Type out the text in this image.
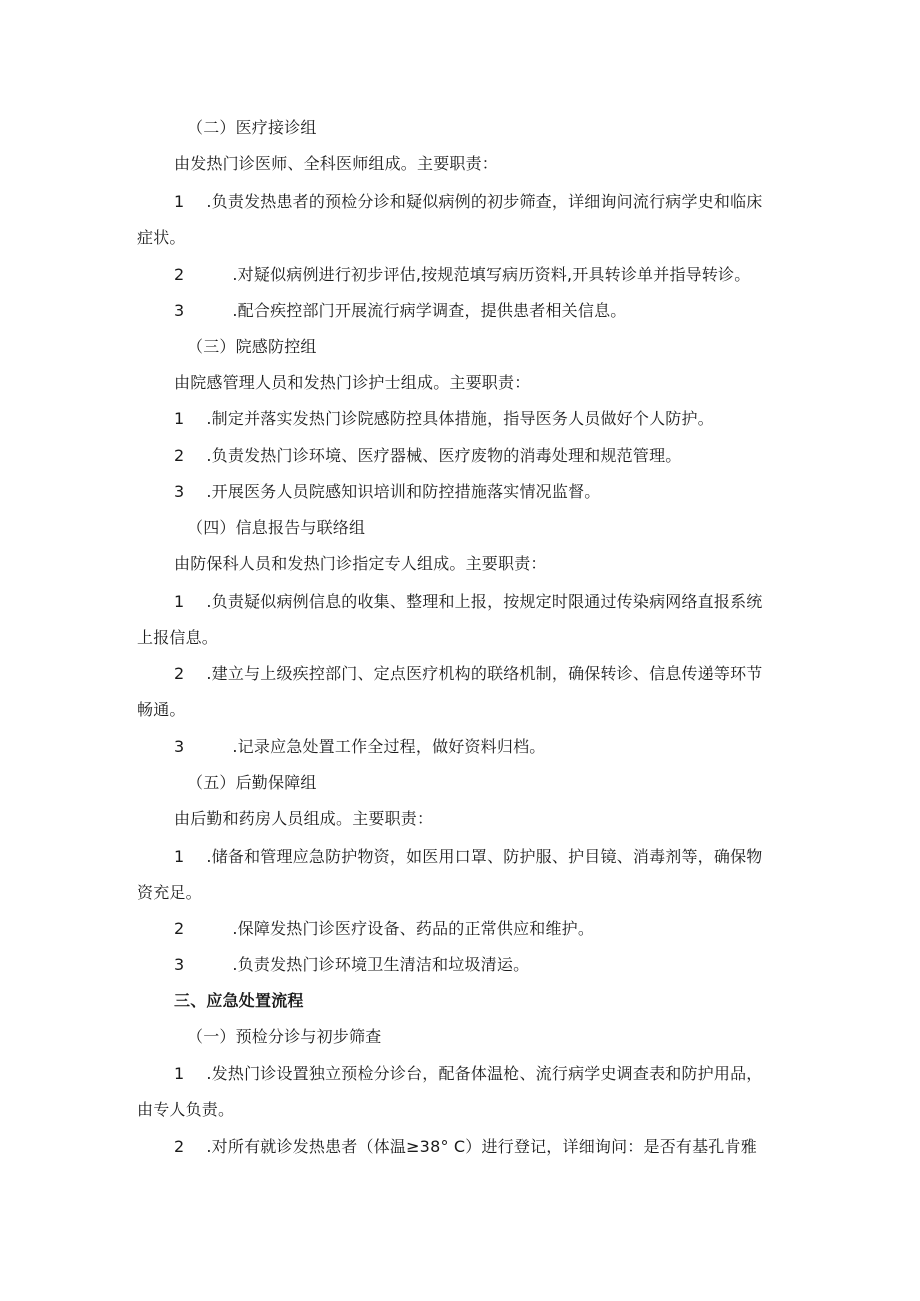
（二）医疗接诊组
由发热门诊医师、全科医师组成。主要职责：
1 .负责发热患者的预检分诊和疑似病例的初步筛查，详细询问流行病学史和临床
症状。
2	.对疑似病例进行初步评估,按规范填写病历资料,开具转诊单并指导转诊。
3	.配合疾控部门开展流行病学调查，提供患者相关信息。
（三）院感防控组
由院感管理人员和发热门诊护士组成。主要职责：
1 .制定并落实发热门诊院感防控具体措施，指导医务人员做好个人防护。
2 .负责发热门诊环境、医疗器械、医疗废物的消毒处理和规范管理。
3 .开展医务人员院感知识培训和防控措施落实情况监督。
（四）信息报告与联络组
由防保科人员和发热门诊指定专人组成。主要职责：
1 .负责疑似病例信息的收集、整理和上报，按规定时限通过传染病网络直报系统
上报信息。
2 .建立与上级疾控部门、定点医疗机构的联络机制，确保转诊、信息传递等环节
畅通。
3	.记录应急处置工作全过程，做好资料归档。
（五）后勤保障组
由后勤和药房人员组成。主要职责：
1 .储备和管理应急防护物资，如医用口罩、防护服、护目镜、消毒剂等，确保物
资充足。
2	.保障发热门诊医疗设备、药品的正常供应和维护。
3	.负责发热门诊环境卫生清洁和垃圾清运。
三、应急处置流程
（一）预检分诊与初步筛查
1 .发热门诊设置独立预检分诊台，配备体温枪、流行病学史调查表和防护用品，
由专人负责。
2 .对所有就诊发热患者（体温≥38° C）进行登记，详细询问：是否有基孔肯雅
